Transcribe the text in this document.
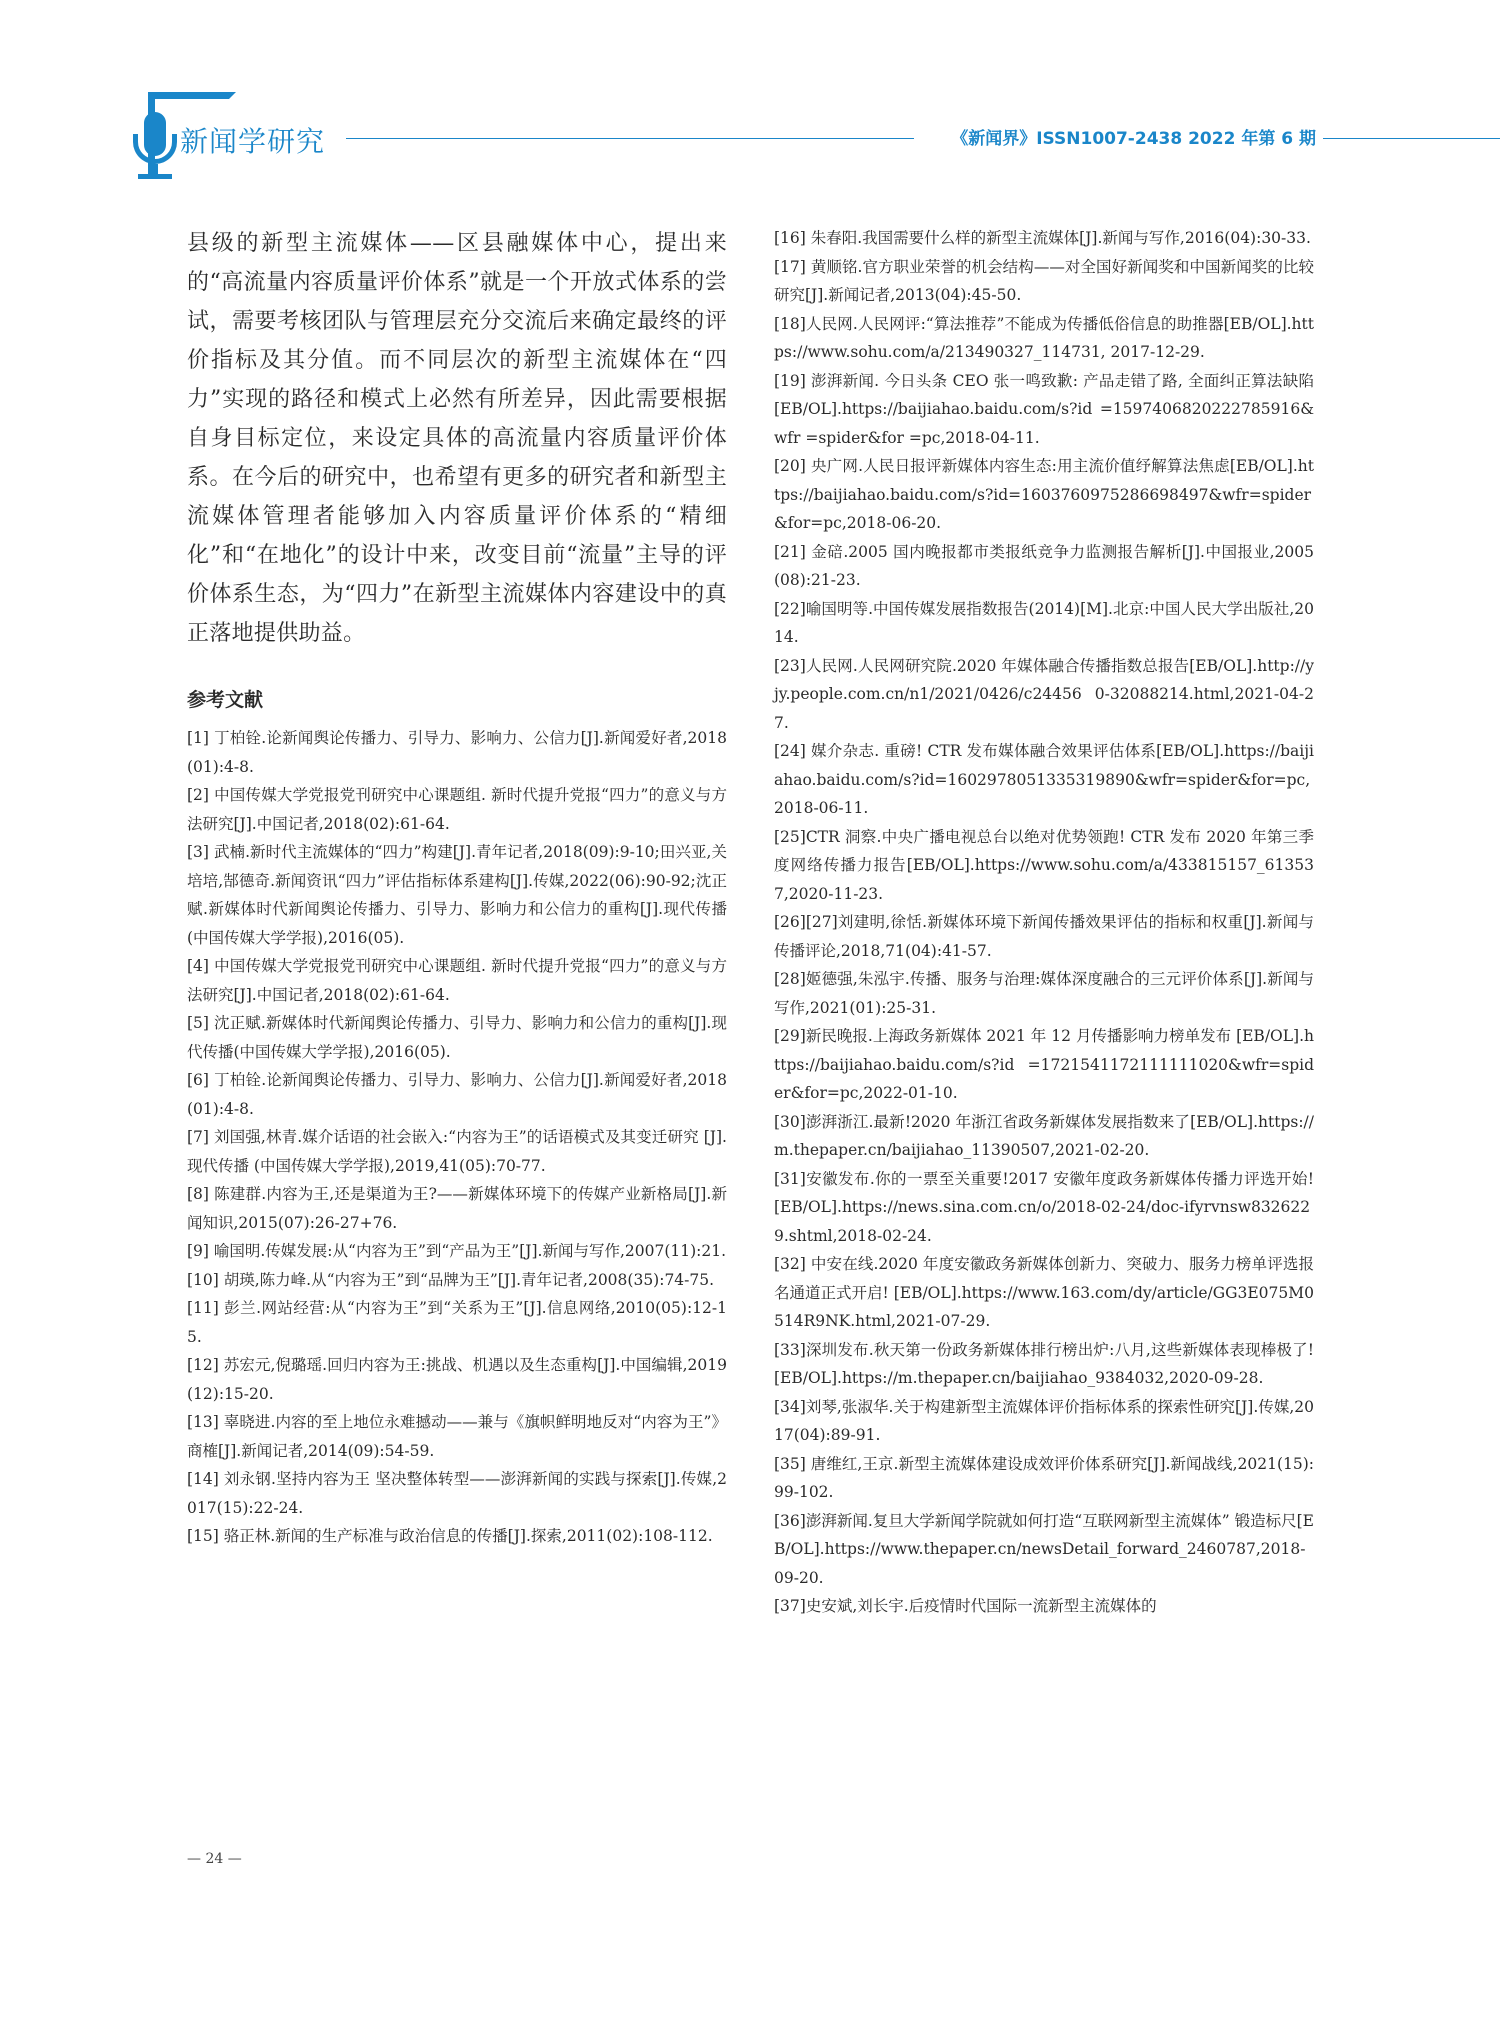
新闻学研究	《新闻界》ISSN1007-2438 2022 年第 6 期

县级的新型主流媒体——区县融媒体中心，提出来的“高流量内容质量评价体系”就是一个开放式体系的尝试，需要考核团队与管理层充分交流后来确定最终的评价指标及其分值。而不同层次的新型主流媒体在“四力”实现的路径和模式上必然有所差异，因此需要根据自身目标定位，来设定具体的高流量内容质量评价体系。在今后的研究中，也希望有更多的研究者和新型主流媒体管理者能够加入内容质量评价体系的“精细化”和“在地化”的设计中来，改变目前“流量”主导的评价体系生态，为“四力”在新型主流媒体内容建设中的真正落地提供助益。

参考文献
[1] 丁柏铨.论新闻舆论传播力、引导力、影响力、公信力[J].新闻爱好者,2018(01):4-8.
[2] 中国传媒大学党报党刊研究中心课题组. 新时代提升党报“四力”的意义与方法研究[J].中国记者,2018(02):61-64.
[3] 武楠.新时代主流媒体的“四力”构建[J].青年记者,2018(09):9-10;田兴亚,关培培,郜德奇.新闻资讯“四力”评估指标体系建构[J].传媒,2022(06):90-92;沈正赋.新媒体时代新闻舆论传播力、引导力、影响力和公信力的重构[J].现代传播(中国传媒大学学报),2016(05).
[4] 中国传媒大学党报党刊研究中心课题组. 新时代提升党报“四力”的意义与方法研究[J].中国记者,2018(02):61-64.
[5] 沈正赋.新媒体时代新闻舆论传播力、引导力、影响力和公信力的重构[J].现代传播(中国传媒大学学报),2016(05).
[6] 丁柏铨.论新闻舆论传播力、引导力、影响力、公信力[J].新闻爱好者,2018(01):4-8.
[7] 刘国强,林青.媒介话语的社会嵌入:“内容为王”的话语模式及其变迁研究 [J]. 现代传播 (中国传媒大学学报),2019,41(05):70-77.
[8] 陈建群.内容为王,还是渠道为王?——新媒体环境下的传媒产业新格局[J].新闻知识,2015(07):26-27+76.
[9] 喻国明.传媒发展:从“内容为王”到“产品为王”[J].新闻与写作,2007(11):21.
[10] 胡瑛,陈力峰.从“内容为王”到“品牌为王”[J].青年记者,2008(35):74-75.
[11] 彭兰.网站经营:从“内容为王”到“关系为王”[J].信息网络,2010(05):12-15.
[12] 苏宏元,倪璐瑶.回归内容为王:挑战、机遇以及生态重构[J].中国编辑,2019(12):15-20.
[13] 辜晓进.内容的至上地位永难撼动——兼与《旗帜鲜明地反对“内容为王”》商榷[J].新闻记者,2014(09):54-59.
[14] 刘永钢.坚持内容为王 坚决整体转型——澎湃新闻的实践与探索[J].传媒,2017(15):22-24.
[15] 骆正林.新闻的生产标准与政治信息的传播[J].探索,2011(02):108-112.
[16] 朱春阳.我国需要什么样的新型主流媒体[J].新闻与写作,2016(04):30-33.
[17] 黄顺铭.官方职业荣誉的机会结构——对全国好新闻奖和中国新闻奖的比较研究[J].新闻记者,2013(04):45-50.
[18]人民网.人民网评:“算法推荐”不能成为传播低俗信息的助推器[EB/OL].https://www.sohu.com/a/213490327_114731, 2017-12-29.
[19] 澎湃新闻. 今日头条 CEO 张一鸣致歉: 产品走错了路, 全面纠正算法缺陷[EB/OL].https://baijiahao.baidu.com/s?id =1597406820222785916&wfr =spider&for =pc,2018-04-11.
[20] 央广网.人民日报评新媒体内容生态:用主流价值纾解算法焦虑[EB/OL].https://baijiahao.baidu.com/s?id=1603760975286698497&wfr=spider&for=pc,2018-06-20.
[21] 金碚.2005 国内晚报都市类报纸竞争力监测报告解析[J].中国报业,2005(08):21-23.
[22]喻国明等.中国传媒发展指数报告(2014)[M].北京:中国人民大学出版社,2014.
[23]人民网.人民网研究院.2020 年媒体融合传播指数总报告[EB/OL].http://yjy.people.com.cn/n1/2021/0426/c24456 0-32088214.html,2021-04-27.
[24] 媒介杂志. 重磅! CTR 发布媒体融合效果评估体系[EB/OL].https://baijiahao.baidu.com/s?id=1602978051335319890&wfr=spider&for=pc,2018-06-11.
[25]CTR 洞察.中央广播电视总台以绝对优势领跑! CTR 发布 2020 年第三季度网络传播力报告[EB/OL].https://www.sohu.com/a/433815157_613537,2020-11-23.
[26][27]刘建明,徐恬.新媒体环境下新闻传播效果评估的指标和权重[J].新闻与传播评论,2018,71(04):41-57.
[28]姬德强,朱泓宇.传播、服务与治理:媒体深度融合的三元评价体系[J].新闻与写作,2021(01):25-31.
[29]新民晚报.上海政务新媒体 2021 年 12 月传播影响力榜单发布 [EB/OL].https://baijiahao.baidu.com/s?id =1721541172111111020&wfr=spider&for=pc,2022-01-10.
[30]澎湃浙江.最新!2020 年浙江省政务新媒体发展指数来了[EB/OL].https://m.thepaper.cn/baijiahao_11390507,2021-02-20.
[31]安徽发布.你的一票至关重要!2017 安徽年度政务新媒体传播力评选开始! [EB/OL].https://news.sina.com.cn/o/2018-02-24/doc-ifyrvnsw8326229.shtml,2018-02-24.
[32] 中安在线.2020 年度安徽政务新媒体创新力、突破力、服务力榜单评选报名通道正式开启! [EB/OL].https://www.163.com/dy/article/GG3E075M0514R9NK.html,2021-07-29.
[33]深圳发布.秋天第一份政务新媒体排行榜出炉:八月,这些新媒体表现棒极了! [EB/OL].https://m.thepaper.cn/baijiahao_9384032,2020-09-28.
[34]刘琴,张淑华.关于构建新型主流媒体评价指标体系的探索性研究[J].传媒,2017(04):89-91.
[35] 唐维红,王京.新型主流媒体建设成效评价体系研究[J].新闻战线,2021(15):99-102.
[36]澎湃新闻.复旦大学新闻学院就如何打造“互联网新型主流媒体” 锻造标尺[EB/OL].https://www.thepaper.cn/newsDetail_forward_2460787,2018-09-20.
[37]史安斌,刘长宇.后疫情时代国际一流新型主流媒体的
— 24 —
